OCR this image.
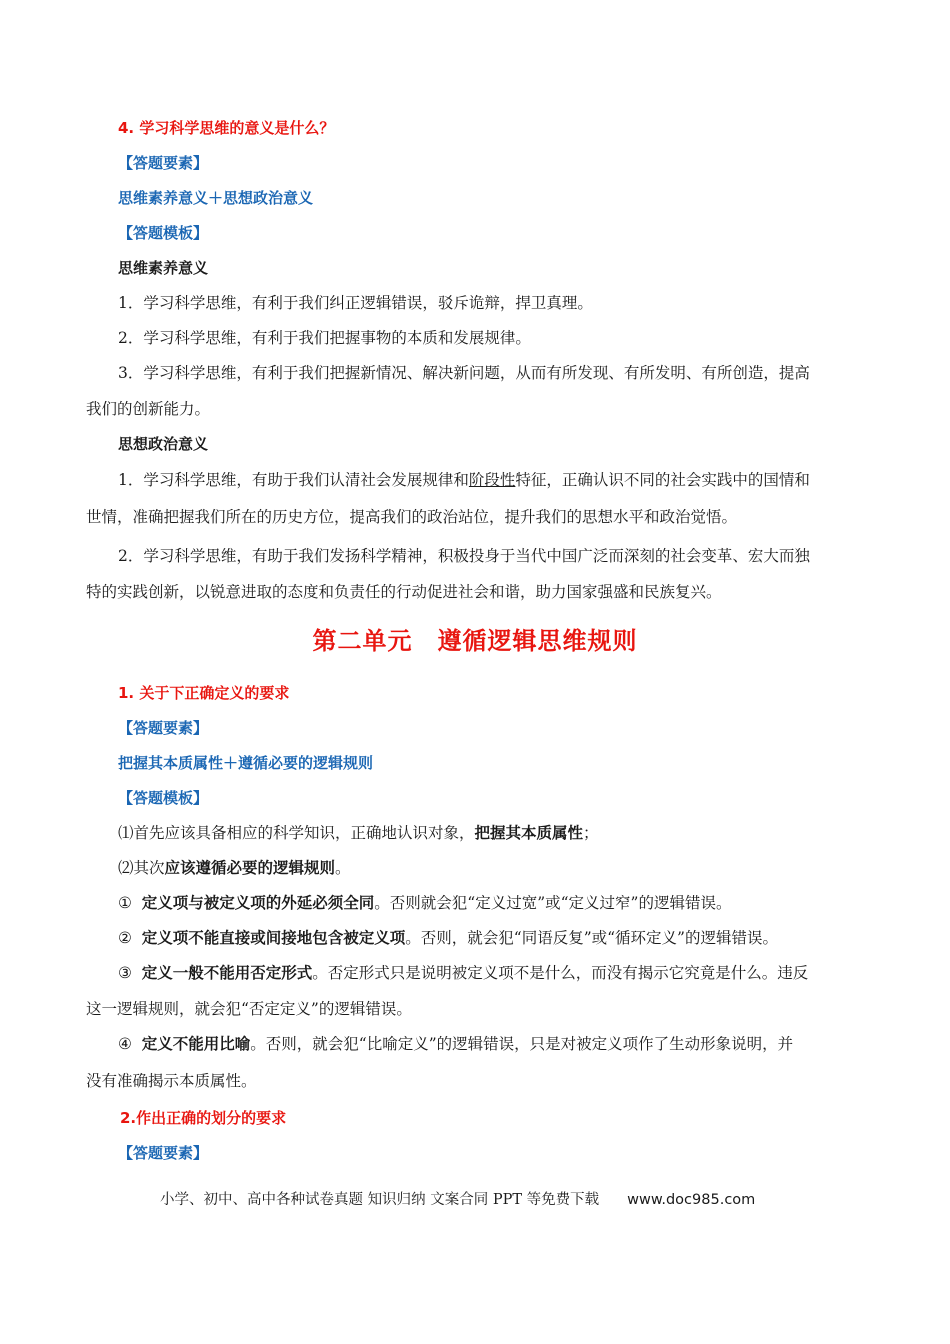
4. 学习科学思维的意义是什么？
【答题要素】
思维素养意义＋思想政治意义
【答题模板】
思维素养意义
1．学习科学思维，有利于我们纠正逻辑错误，驳斥诡辩，捍卫真理。
2．学习科学思维，有利于我们把握事物的本质和发展规律。
3．学习科学思维，有利于我们把握新情况、解决新问题，从而有所发现、有所发明、有所创造，提高
我们的创新能力。
思想政治意义
1．学习科学思维，有助于我们认清社会发展规律和阶段性特征，正确认识不同的社会实践中的国情和
世情，准确把握我们所在的历史方位，提高我们的政治站位，提升我们的思想水平和政治觉悟。
2．学习科学思维，有助于我们发扬科学精神，积极投身于当代中国广泛而深刻的社会变革、宏大而独
特的实践创新，以锐意进取的态度和负责任的行动促进社会和谐，助力国家强盛和民族复兴。
第二单元　遵循逻辑思维规则
1. 关于下正确定义的要求
【答题要素】
把握其本质属性＋遵循必要的逻辑规则
【答题模板】
⑴首先应该具备相应的科学知识，正确地认识对象，把握其本质属性；
⑵其次应该遵循必要的逻辑规则。
① 定义项与被定义项的外延必须全同。否则就会犯“定义过宽”或“定义过窄”的逻辑错误。
② 定义项不能直接或间接地包含被定义项。否则，就会犯“同语反复”或“循环定义”的逻辑错误。
③ 定义一般不能用否定形式。否定形式只是说明被定义项不是什么，而没有揭示它究竟是什么。违反
这一逻辑规则，就会犯“否定定义”的逻辑错误。
④ 定义不能用比喻。否则，就会犯“比喻定义”的逻辑错误，只是对被定义项作了生动形象说明，并
没有准确揭示本质属性。
2.作出正确的划分的要求
【答题要素】
小学、初中、高中各种试卷真题 知识归纳 文案合同 PPT 等免费下载 www.doc985.com
